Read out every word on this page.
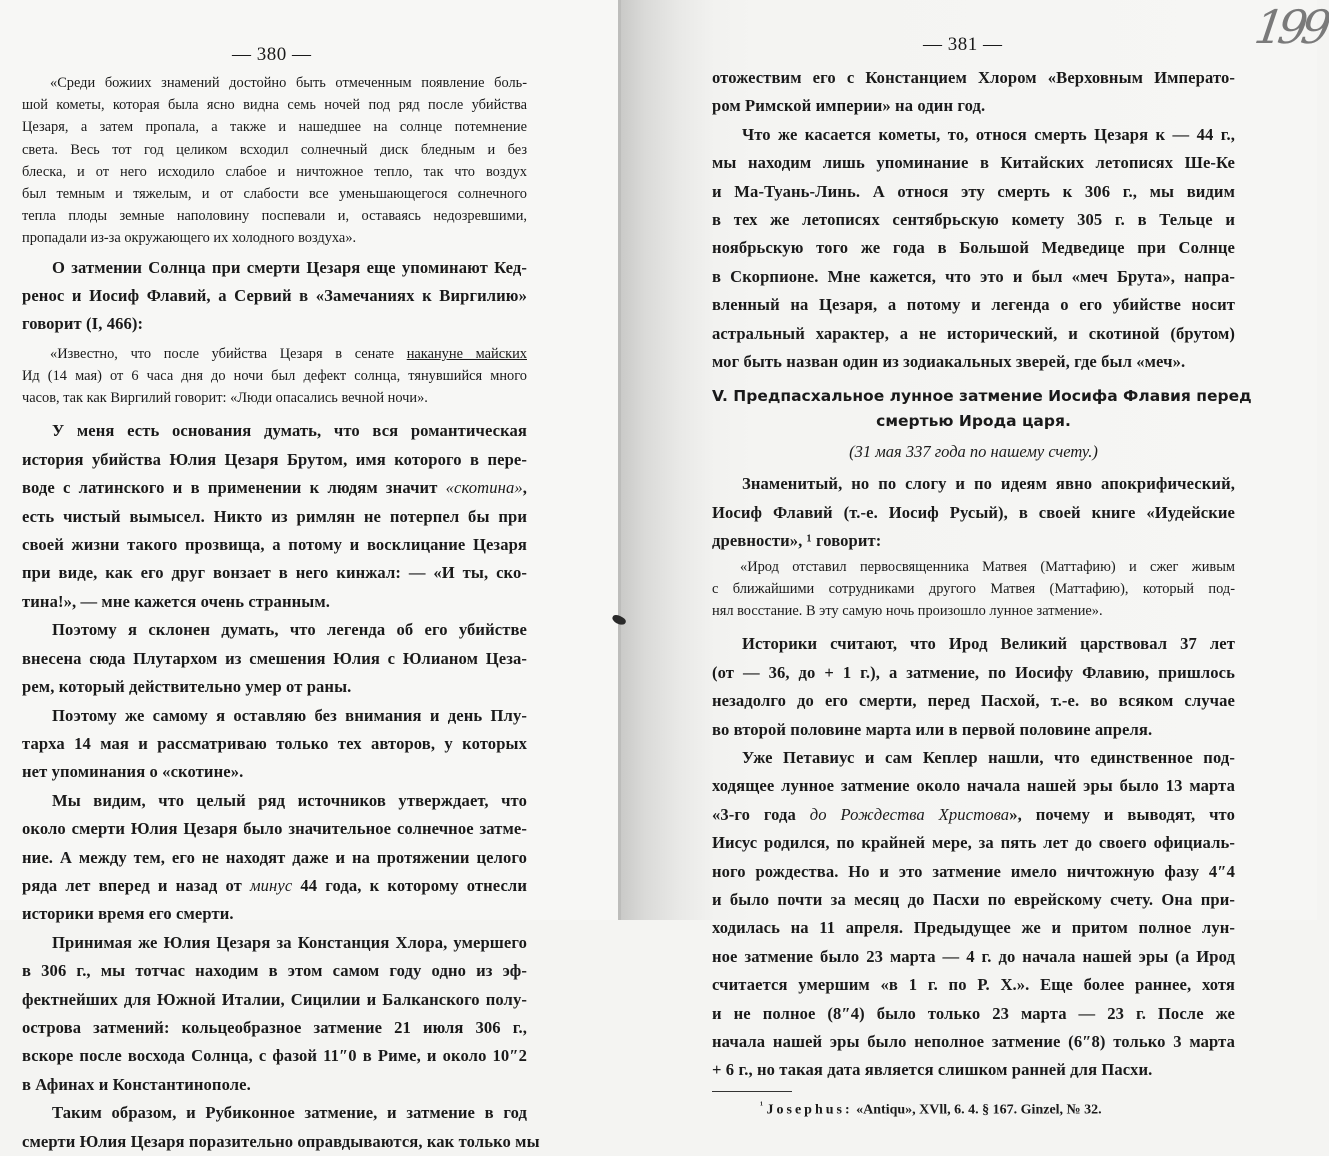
— 380 —
«Среди божиих знамений достойно быть отмеченным появление боль-
шой кометы, которая была ясно видна семь ночей под ряд после убийства
Цезаря, а затем пропала, а также и нашедшее на солнце потемнение
света. Весь тот год целиком всходил солнечный диск бледным и без
блеска, и от него исходило слабое и ничтожное тепло, так что воздух
был темным и тяжелым, и от слабости все уменьшающегося солнечного
тепла плоды земные наполовину поспевали и, оставаясь недозревшими,
пропадали из-за окружающего их холодного воздуха».
О затмении Солнца при смерти Цезаря еще упоминают Кед-
ренос и Иосиф Флавий, а Сервий в «Замечаниях к Виргилию»
говорит (I, 466):
«Известно, что после убийства Цезаря в сенате накануне майских
Ид (14 мая) от 6 часа дня до ночи был дефект солнца, тянувшийся много
часов, так как Виргилий говорит: «Люди опасались вечной ночи».
У меня есть основания думать, что вся романтическая
история убийства Юлия Цезаря Брутом, имя которого в пере-
воде с латинского и в применении к людям значит «скотина»,
есть чистый вымысел. Никто из римлян не потерпел бы при
своей жизни такого прозвища, а потому и восклицание Цезаря
при виде, как его друг вонзает в него кинжал: — «И ты, ско-
тина!», — мне кажется очень странным.
Поэтому я склонен думать, что легенда об его убийстве
внесена сюда Плутархом из смешения Юлия с Юлианом Цеза-
рем, который действительно умер от раны.
Поэтому же самому я оставляю без внимания и день Плу-
тарха 14 мая и рассматриваю только тех авторов, у которых
нет упоминания о «скотине».
Мы видим, что целый ряд источников утверждает, что
около смерти Юлия Цезаря было значительное солнечное затме-
ние. А между тем, его не находят даже и на протяжении целого
ряда лет вперед и назад от минус 44 года, к которому отнесли
историки время его смерти.
Принимая же Юлия Цезаря за Констанция Хлора, умершего
в 306 г., мы тотчас находим в этом самом году одно из эф-
фектнейших для Южной Италии, Сицилии и Балканского полу-
острова затмений: кольцеобразное затмение 21 июля 306 г.,
вскоре после восхода Солнца, с фазой 11″0 в Риме, и около 10″2
в Афинах и Константинополе.
Таким образом, и Рубиконное затмение, и затмение в год
смерти Юлия Цезаря поразительно оправдываются, как только мы
— 381 —	199
отожествим его с Констанцием Хлором «Верховным Императо-
ром Римской империи» на один год.
Что же касается кометы, то, относя смерть Цезаря к — 44 г.,
мы находим лишь упоминание в Китайских летописях Ше-Ке
и Ма-Туань-Линь. А относя эту смерть к 306 г., мы видим
в тех же летописях сентябрьскую комету 305 г. в Тельце и
ноябрьскую того же года в Большой Медведице при Солнце
в Скорпионе. Мне кажется, что это и был «меч Брута», напра-
вленный на Цезаря, а потому и легенда о его убийстве носит
астральный характер, а не исторический, и скотиной (брутом)
мог быть назван один из зодиакальных зверей, где был «меч».
V. Предпасхальное лунное затмение Иосифа Флавия перед
смертью Ирода царя.
(31 мая 337 года по нашему счету.)
Знаменитый, но по слогу и по идеям явно апокрифический,
Иосиф Флавий (т.-е. Иосиф Русый), в своей книге «Иудейские
древности», ¹ говорит:
«Ирод отставил первосвященника Матвея (Маттафию) и сжег живым
с ближайшими сотрудниками другого Матвея (Маттафию), который под-
нял восстание. В эту самую ночь произошло лунное затмение».
Историки считают, что Ирод Великий царствовал 37 лет
(от — 36, до + 1 г.), а затмение, по Иосифу Флавию, пришлось
незадолго до его смерти, перед Пасхой, т.-е. во всяком случае
во второй половине марта или в первой половине апреля.
Уже Петавиус и сам Кеплер нашли, что единственное под-
ходящее лунное затмение около начала нашей эры было 13 марта
«3-го года до Рождества Христова», почему и выводят, что
Иисус родился, по крайней мере, за пять лет до своего официаль-
ного рождества. Но и это затмение имело ничтожную фазу 4″4
и было почти за месяц до Пасхи по еврейскому счету. Она при-
ходилась на 11 апреля. Предыдущее же и притом полное лун-
ное затмение было 23 марта — 4 г. до начала нашей эры (а Ирод
считается умершим «в 1 г. по Р. Х.». Еще более раннее, хотя
и не полное (8″4) было только 23 марта — 23 г. После же
начала нашей эры было неполное затмение (6″8) только 3 марта
+ 6 г., но такая дата является слишком ранней для Пасхи.
$^{^1}$ Josephus: «Antiqu», XVll, 6. 4. § 167. Ginzel, № 32.
